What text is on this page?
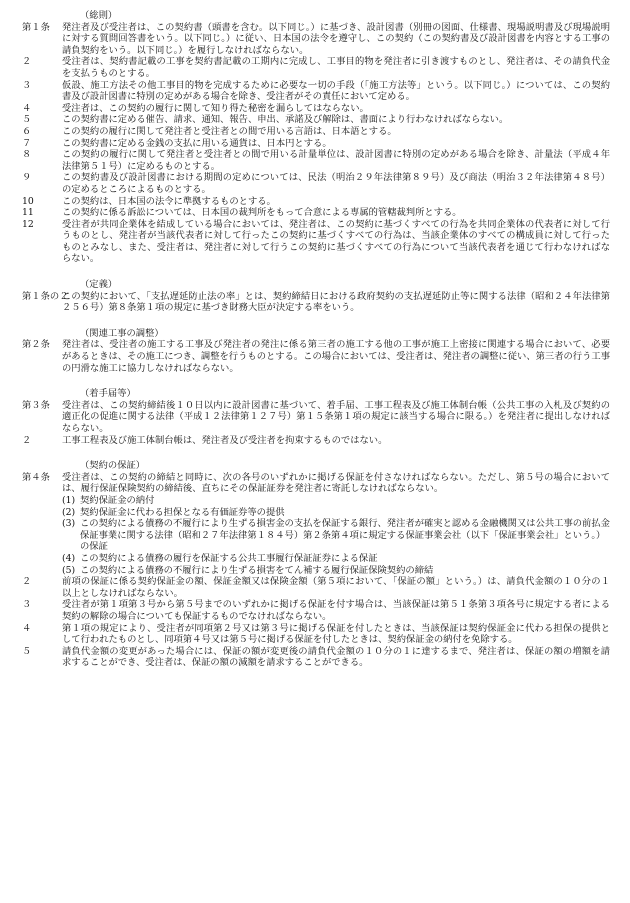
（総則）

第１条 発注者及び受注者は、この契約書（頭書を含む。以下同じ。）に基づき、設計図書（別冊の図面、仕様書、現場説明書及び現場説明に対する質問回答書をいう。以下同じ。）に従い、日本国の法令を遵守し、この契約（この契約書及び設計図書を内容とする工事の請負契約をいう。以下同じ。）を履行しなければならない。

２	受注者は、契約書記載の工事を契約書記載の工期内に完成し、工事目的物を発注者に引き渡すものとし、発注者は、その請負代金を支払うものとする。

３	仮設、施工方法その他工事目的物を完成するために必要な一切の手段（「施工方法等」という。以下同じ。）については、この契約書及び設計図書に特別の定めがある場合を除き、受注者がその責任において定める。

４	受注者は、この契約の履行に関して知り得た秘密を漏らしてはならない。

５	この契約書に定める催告、請求、通知、報告、申出、承諾及び解除は、書面により行わなければならない。

６	この契約の履行に関して発注者と受注者との間で用いる言語は、日本語とする。

７	この契約書に定める金銭の支払に用いる通貨は、日本円とする。

８	この契約の履行に関して発注者と受注者との間で用いる計量単位は、設計図書に特別の定めがある場合を除き、計量法（平成４年法律第５１号）に定めるものとする。

９	この契約書及び設計図書における期間の定めについては、民法（明治２９年法律第８９号）及び商法（明治３２年法律第４８号）の定めるところによるものとする。

10	この契約は、日本国の法令に準拠するものとする。

11	この契約に係る訴訟については、日本国の裁判所をもって合意による専属的管轄裁判所とする。

12	受注者が共同企業体を結成している場合においては、発注者は、この契約に基づくすべての行為を共同企業体の代表者に対して行うものとし、発注者が当該代表者に対して行ったこの契約に基づくすべての行為は、当該企業体のすべての構成員に対して行ったものとみなし、また、受注者は、発注者に対して行うこの契約に基づくすべての行為について当該代表者を通じて行わなければならない。

（定義）

第１条の２
この契約において、「支払遅延防止法の率」とは、契約締結日における政府契約の支払遅延防止等に関する法律（昭和２４年法律第２５６号）第８条第１項の規定に基づき財務大臣が決定する率をいう。

（関連工事の調整）

第２条 発注者は、受注者の施工する工事及び発注者の発注に係る第三者の施工する他の工事が施工上密接に関連する場合において、必要があるときは、その施工につき、調整を行うものとする。この場合においては、受注者は、発注者の調整に従い、第三者の行う工事の円滑な施工に協力しなければならない。

（着手届等）

第３条 受注者は、この契約締結後１０日以内に設計図書に基づいて、着手届、工事工程表及び施工体制台帳（公共工事の入札及び契約の適正化の促進に関する法律（平成１２法律第１２７号）第１５条第１項の規定に該当する場合に限る。）を発注者に提出しなければならない。

２	工事工程表及び施工体制台帳は、発注者及び受注者を拘束するものではない。

（契約の保証）

第４条 受注者は、この契約の締結と同時に、次の各号のいずれかに掲げる保証を付さなければならない。ただし、第５号の場合においては、履行保証保険契約の締結後、直ちにその保証証券を発注者に寄託しなければならない。

(1) 契約保証金の納付

(2) 契約保証金に代わる担保となる有価証券等の提供

(3) この契約による債務の不履行により生ずる損害金の支払を保証する銀行、発注者が確実と認める金融機関又は公共工事の前払金保証事業に関する法律（昭和２７年法律第１８４号）第２条第４項に規定する保証事業会社（以下「保証事業会社」という。）の保証

(4) この契約による債務の履行を保証する公共工事履行保証証券による保証

(5) この契約による債務の不履行により生ずる損害をてん補する履行保証保険契約の締結

２	前項の保証に係る契約保証金の額、保証金額又は保険金額（第５項において、「保証の額」という。）は、請負代金額の１０分の１以上としなければならない。

３	受注者が第１項第３号から第５号までのいずれかに掲げる保証を付す場合は、当該保証は第５１条第３項各号に規定する者による契約の解除の場合についても保証するものでなければならない。

４	第１項の規定により、受注者が同項第２号又は第３号に掲げる保証を付したときは、当該保証は契約保証金に代わる担保の提供として行われたものとし、同項第４号又は第５号に掲げる保証を付したときは、契約保証金の納付を免除する。

５	請負代金額の変更があった場合には、保証の額が変更後の請負代金額の１０分の１に達するまで、発注者は、保証の額の増額を請求することができ、受注者は、保証の額の減額を請求することができる。
